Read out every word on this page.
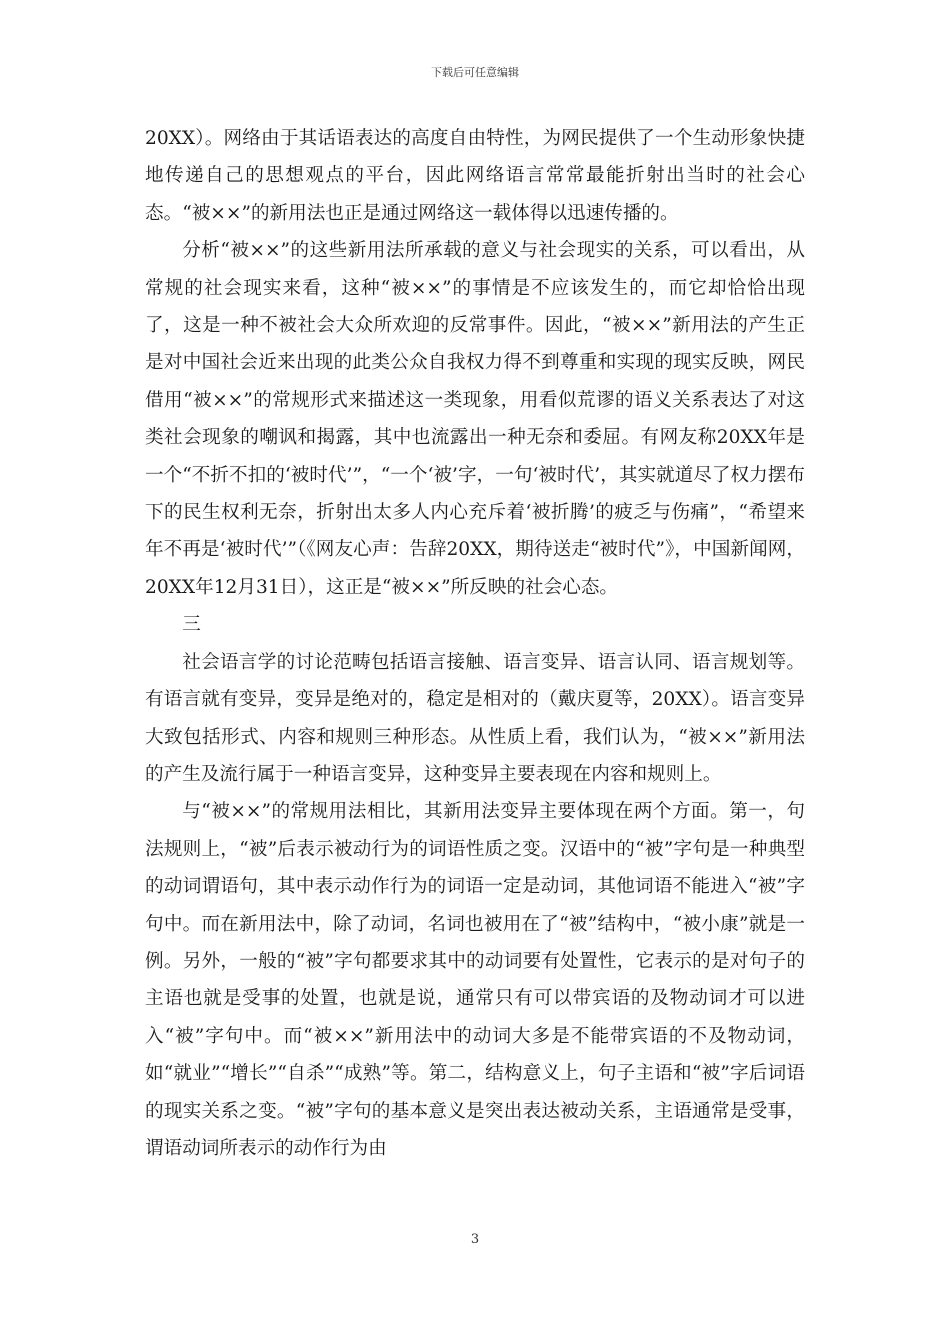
下载后可任意编辑

20XX）。网络由于其话语表达的高度自由特性，为网民提供了一个生动形象快捷地传递自己的思想观点的平台，因此网络语言常常最能折射出当时的社会心态。“被××”的新用法也正是通过网络这一载体得以迅速传播的。

分析“被××”的这些新用法所承载的意义与社会现实的关系，可以看出，从常规的社会现实来看，这种“被××”的事情是不应该发生的，而它却恰恰出现了，这是一种不被社会大众所欢迎的反常事件。因此，“被××”新用法的产生正是对中国社会近来出现的此类公众自我权力得不到尊重和实现的现实反映，网民借用“被××”的常规形式来描述这一类现象，用看似荒谬的语义关系表达了对这类社会现象的嘲讽和揭露，其中也流露出一种无奈和委屈。有网友称20XX年是一个“不折不扣的‘被时代’”，“一个‘被’字，一句‘被时代’，其实就道尽了权力摆布下的民生权利无奈，折射出太多人内心充斥着‘被折腾’的疲乏与伤痛”，“希望来年不再是‘被时代’”（《网友心声：告辞20XX，期待送走“被时代”》，中国新闻网，20XX年12月31日），这正是“被××”所反映的社会心态。

三

社会语言学的讨论范畴包括语言接触、语言变异、语言认同、语言规划等。有语言就有变异，变异是绝对的，稳定是相对的（戴庆夏等，20XX）。语言变异大致包括形式、内容和规则三种形态。从性质上看，我们认为，“被××”新用法的产生及流行属于一种语言变异，这种变异主要表现在内容和规则上。

与“被××”的常规用法相比，其新用法变异主要体现在两个方面。第一，句法规则上，“被”后表示被动行为的词语性质之变。汉语中的“被”字句是一种典型的动词谓语句，其中表示动作行为的词语一定是动词，其他词语不能进入“被”字句中。而在新用法中，除了动词，名词也被用在了“被”结构中，“被小康”就是一例。另外，一般的“被”字句都要求其中的动词要有处置性，它表示的是对句子的主语也就是受事的处置，也就是说，通常只有可以带宾语的及物动词才可以进入“被”字句中。而“被××”新用法中的动词大多是不能带宾语的不及物动词，如“就业”“增长”“自杀”“成熟”等。第二，结构意义上，句子主语和“被”字后词语的现实关系之变。“被”字句的基本意义是突出表达被动关系，主语通常是受事，谓语动词所表示的动作行为由

3
